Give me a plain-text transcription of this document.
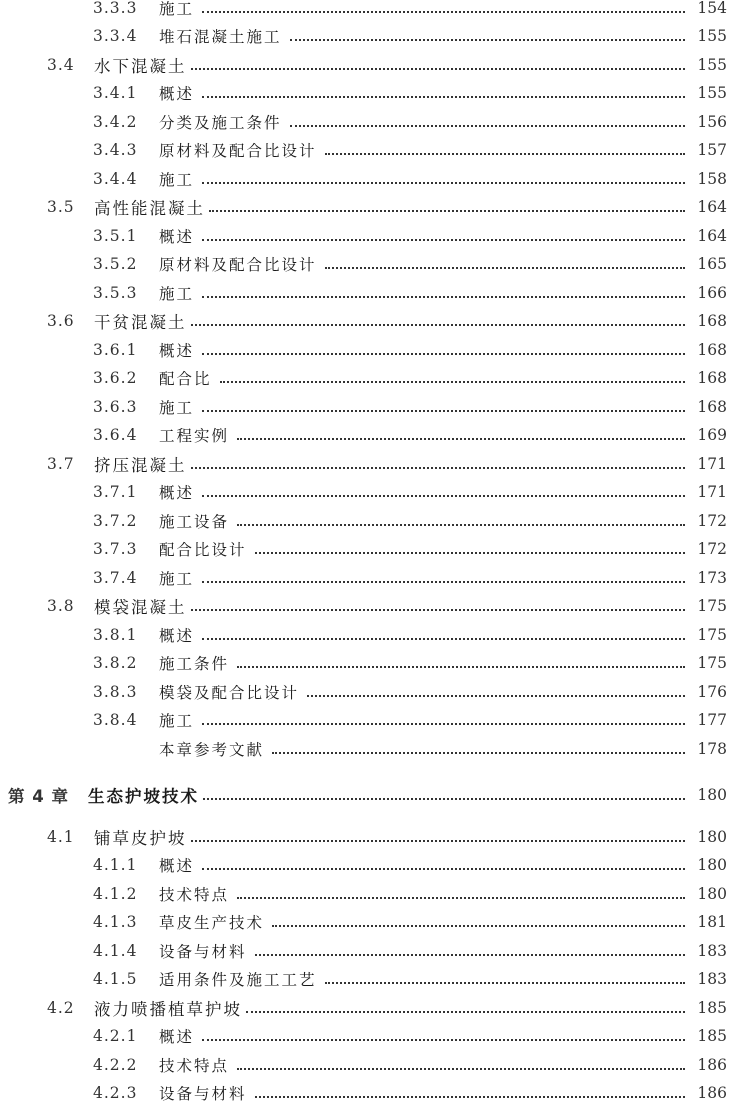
3.3.3	施工	154
3.3.4	堆石混凝土施工	155
3.4	水下混凝土	155
3.4.1	概述	155
3.4.2	分类及施工条件	156
3.4.3	原材料及配合比设计	157
3.4.4	施工	158
3.5	高性能混凝土	164
3.5.1	概述	164
3.5.2	原材料及配合比设计	165
3.5.3	施工	166
3.6	干贫混凝土	168
3.6.1	概述	168
3.6.2	配合比	168
3.6.3	施工	168
3.6.4	工程实例	169
3.7	挤压混凝土	171
3.7.1	概述	171
3.7.2	施工设备	172
3.7.3	配合比设计	172
3.7.4	施工	173
3.8	模袋混凝土	175
3.8.1	概述	175
3.8.2	施工条件	175
3.8.3	模袋及配合比设计	176
3.8.4	施工	177
本章参考文献	178
第 4 章	生态护坡技术	180
4.1	铺草皮护坡	180
4.1.1	概述	180
4.1.2	技术特点	180
4.1.3	草皮生产技术	181
4.1.4	设备与材料	183
4.1.5	适用条件及施工工艺	183
4.2	液力喷播植草护坡	185
4.2.1	概述	185
4.2.2	技术特点	186
4.2.3	设备与材料	186
